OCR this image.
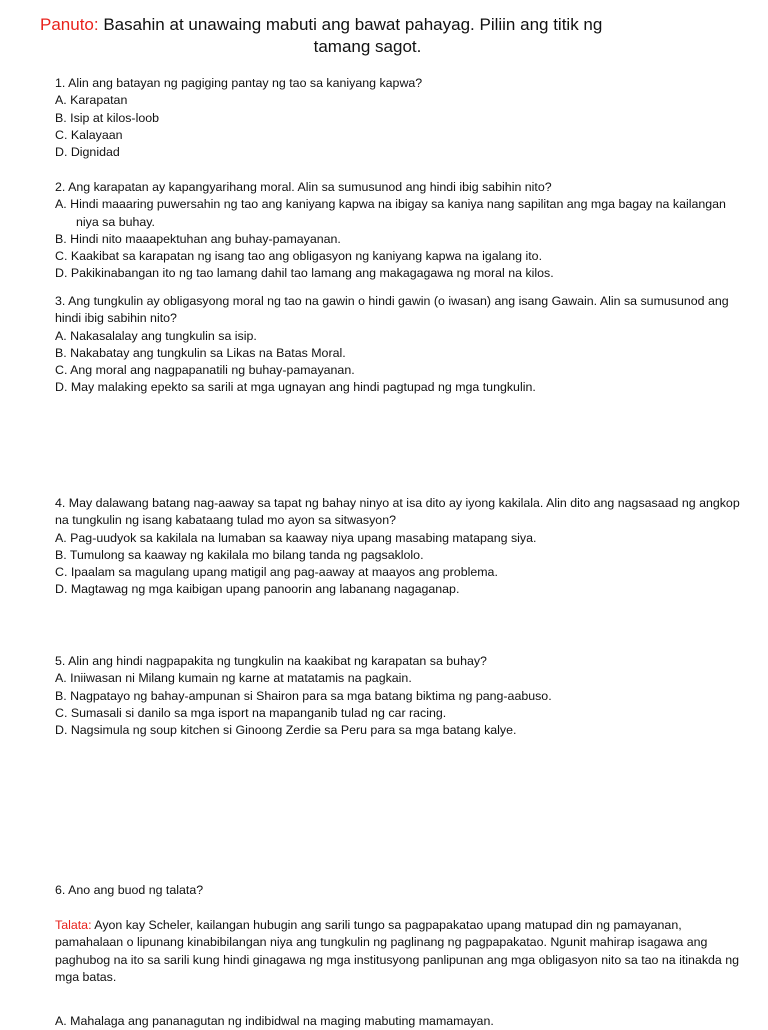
Panuto: Basahin at unawaing mabuti ang bawat pahayag. Piliin ang titik ng
tamang sagot.

1. Alin ang batayan ng pagiging pantay ng tao sa kaniyang kapwa?

A. Karapatan

B. Isip at kilos-loob

C. Kalayaan

D. Dignidad

2. Ang karapatan ay kapangyarihang moral. Alin sa sumusunod ang hindi ibig sabihin nito?

A. Hindi maaaring puwersahin ng tao ang kaniyang kapwa na ibigay sa kaniya nang sapilitan ang mga bagay na kailangan niya sa buhay.

B. Hindi nito maaapektuhan ang buhay-pamayanan.

C. Kaakibat sa karapatan ng isang tao ang obligasyon ng kaniyang kapwa na igalang ito.

D. Pakikinabangan ito ng tao lamang dahil tao lamang ang makagagawa ng moral na kilos.

3. Ang tungkulin ay obligasyong moral ng tao na gawin o hindi gawin (o iwasan) ang isang Gawain. Alin sa sumusunod ang hindi ibig sabihin nito?

A. Nakasalalay ang tungkulin sa isip.

B. Nakabatay ang tungkulin sa Likas na Batas Moral.

C. Ang moral ang nagpapanatili ng buhay-pamayanan.

D. May malaking epekto sa sarili at mga ugnayan ang hindi pagtupad ng mga tungkulin.

4. May dalawang batang nag-aaway sa tapat ng bahay ninyo at isa dito ay iyong kakilala. Alin dito ang nagsasaad ng angkop na tungkulin ng isang kabataang tulad mo ayon sa sitwasyon?

A. Pag-uudyok sa kakilala na lumaban sa kaaway niya upang masabing matapang siya.

B. Tumulong sa kaaway ng kakilala mo bilang tanda ng pagsaklolo.

C. Ipaalam sa magulang upang matigil ang pag-aaway at maayos ang problema.

D. Magtawag ng mga kaibigan upang panoorin ang labanang nagaganap.

5. Alin ang hindi nagpapakita ng tungkulin na kaakibat ng karapatan sa buhay?

A. Iniiwasan ni Milang kumain ng karne at matatamis na pagkain.

B. Nagpatayo ng bahay-ampunan si Shairon para sa mga batang biktima ng pang-aabuso.

C. Sumasali si danilo sa mga isport na mapanganib tulad ng car racing.

D. Nagsimula ng soup kitchen si Ginoong Zerdie sa Peru para sa mga batang kalye.

6. Ano ang buod ng talata?

Talata: Ayon kay Scheler, kailangan hubugin ang sarili tungo sa pagpapakatao upang matupad din ng pamayanan, pamahalaan o lipunang kinabibilangan niya ang tungkulin ng paglinang ng pagpapakatao. Ngunit mahirap isagawa ang paghubog na ito sa sarili kung hindi ginagawa ng mga institusyong panlipunan ang mga obligasyon nito sa tao na itinakda ng mga batas.

A. Mahalaga ang pananagutan ng indibidwal na maging mabuting mamamayan.
